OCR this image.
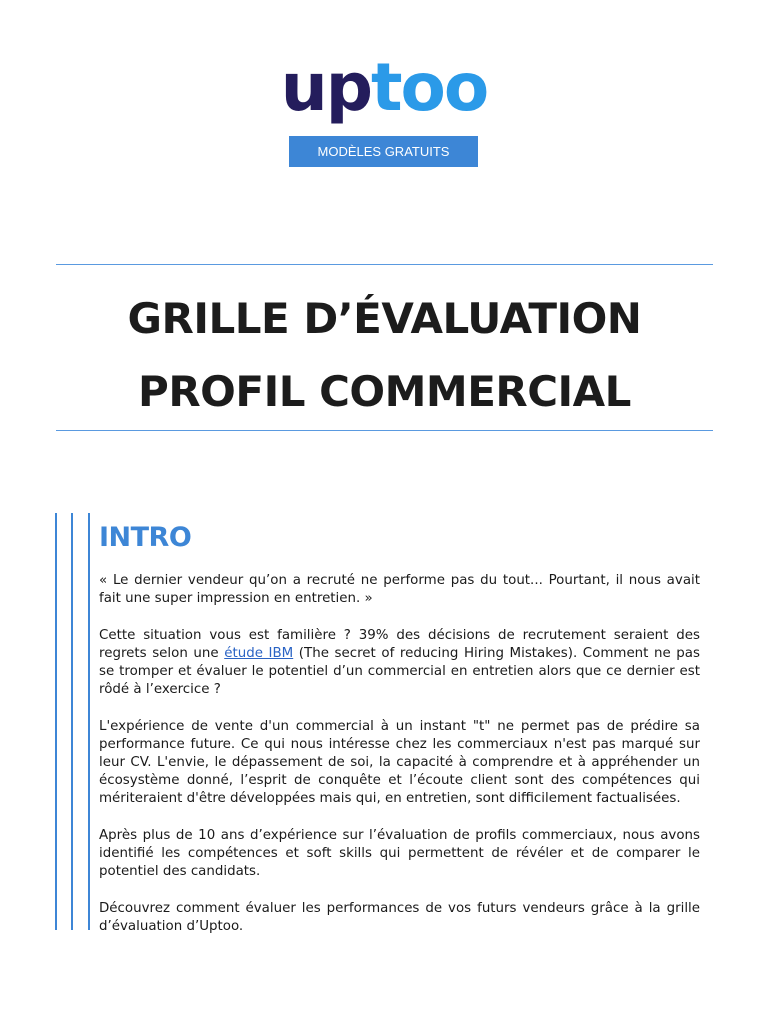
uptoo
MODÈLES GRATUITS
GRILLE D’ÉVALUATION
PROFIL COMMERCIAL
INTRO

« Le dernier vendeur qu’on a recruté ne performe pas du tout... Pourtant, il nous avait fait une super impression en entretien. »

Cette situation vous est familière ? 39% des décisions de recrutement seraient des regrets selon une étude IBM (The secret of reducing Hiring Mistakes). Comment ne pas se tromper et évaluer le potentiel d’un commercial en entretien alors que ce dernier est rôdé à l’exercice ?

L'expérience de vente d'un commercial à un instant "t" ne permet pas de prédire sa performance future. Ce qui nous intéresse chez les commerciaux n'est pas marqué sur leur CV. L'envie, le dépassement de soi, la capacité à comprendre et à appréhender un écosystème donné, l’esprit de conquête et l’écoute client sont des compétences qui mériteraient d'être développées mais qui, en entretien, sont difficilement factualisées.

Après plus de 10 ans d’expérience sur l’évaluation de profils commerciaux, nous avons identifié les compétences et soft skills qui permettent de révéler et de comparer le potentiel des candidats.

Découvrez comment évaluer les performances de vos futurs vendeurs grâce à la grille d’évaluation d’Uptoo.
